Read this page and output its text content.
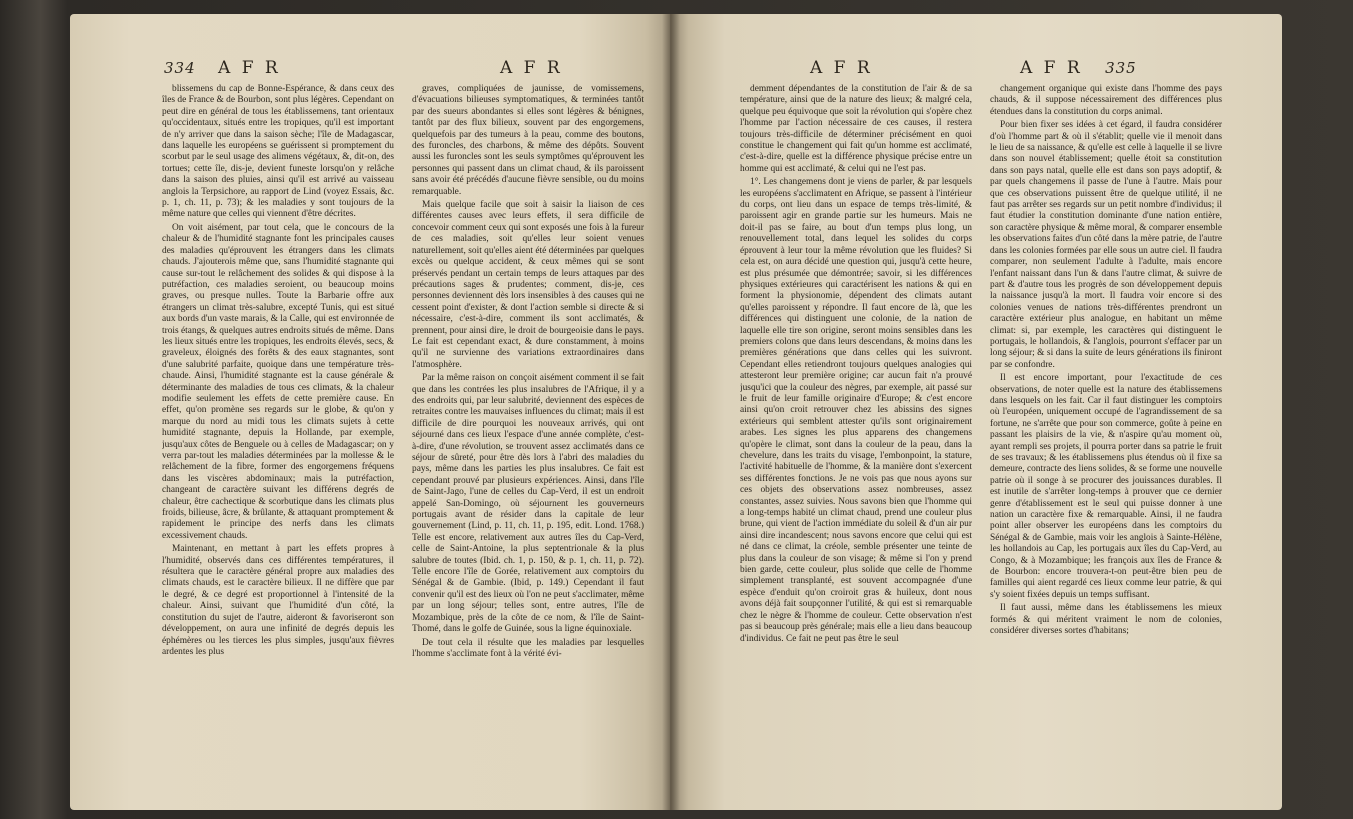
334 A F R	A F R

blissemens du cap de Bonne-Espérance, & dans ceux des îles de France & de Bourbon, sont plus légères. Cependant on peut dire en général de tous les établissemens, tant orientaux qu'occidentaux, situés entre les tropiques, qu'il est important de n'y arriver que dans la saison sèche; l'île de Madagascar, dans laquelle les européens se guérissent si promptement du scorbut par le seul usage des alimens végétaux, &, dit-on, des tortues; cette île, dis-je, devient funeste lorsqu'on y relâche dans la saison des pluies, ainsi qu'il est arrivé au vaisseau anglois la Terpsichore, au rapport de Lind (voyez Essais, &c. p. 1, ch. 11, p. 73); & les maladies y sont toujours de la même nature que celles qui viennent d'être décrites.

On voit aisément, par tout cela, que le concours de la chaleur & de l'humidité stagnante font les principales causes des maladies qu'éprouvent les étrangers dans les climats chauds. J'ajouterois même que, sans l'humidité stagnante qui cause sur-tout le relâchement des solides & qui dispose à la putréfaction, ces maladies seroient, ou beaucoup moins graves, ou presque nulles. Toute la Barbarie offre aux étrangers un climat très-salubre, excepté Tunis, qui est situé aux bords d'un vaste marais, & la Calle, qui est environnée de trois étangs, & quelques autres endroits situés de même. Dans les lieux situés entre les tropiques, les endroits élevés, secs, & graveleux, éloignés des forêts & des eaux stagnantes, sont d'une salubrité parfaite, quoique dans une température très-chaude. Ainsi, l'humidité stagnante est la cause générale & déterminante des maladies de tous ces climats, & la chaleur modifie seulement les effets de cette première cause. En effet, qu'on promène ses regards sur le globe, & qu'on y marque du nord au midi tous les climats sujets à cette humidité stagnante, depuis la Hollande, par exemple, jusqu'aux côtes de Benguele ou à celles de Madagascar; on y verra par-tout les maladies déterminées par la mollesse & le relâchement de la fibre, former des engorgemens fréquens dans les viscères abdominaux; mais la putréfaction, changeant de caractère suivant les différens degrés de chaleur, être cachectique & scorbutique dans les climats plus froids, bilieuse, âcre, & brûlante, & attaquant promptement & rapidement le principe des nerfs dans les climats excessivement chauds.

Maintenant, en mettant à part les effets propres à l'humidité, observés dans ces différentes températures, il résultera que le caractère général propre aux maladies des climats chauds, est le caractère bilieux. Il ne diffère que par le degré, & ce degré est proportionnel à l'intensité de la chaleur. Ainsi, suivant que l'humidité d'un côté, la constitution du sujet de l'autre, aideront & favoriseront son développement, on aura une infinité de degrés depuis les éphémères ou les tierces les plus simples, jusqu'aux fièvres ardentes les plus

graves, compliquées de jaunisse, de vomissemens, d'évacuations bilieuses symptomatiques, & terminées tantôt par des sueurs abondantes si elles sont légères & bénignes, tantôt par des flux bilieux, souvent par des engorgemens, quelquefois par des tumeurs à la peau, comme des boutons, des furoncles, des charbons, & même des dépôts. Souvent aussi les furoncles sont les seuls symptômes qu'éprouvent les personnes qui passent dans un climat chaud, & ils paroissent sans avoir été précédés d'aucune fièvre sensible, ou du moins remarquable.

Mais quelque facile que soit à saisir la liaison de ces différentes causes avec leurs effets, il sera difficile de concevoir comment ceux qui sont exposés une fois à la fureur de ces maladies, soit qu'elles leur soient venues naturellement, soit qu'elles aient été déterminées par quelques excès ou quelque accident, & ceux mêmes qui se sont préservés pendant un certain temps de leurs attaques par des précautions sages & prudentes; comment, dis-je, ces personnes deviennent dès lors insensibles à des causes qui ne cessent point d'exister, & dont l'action semble si directe & si nécessaire, c'est-à-dire, comment ils sont acclimatés, & prennent, pour ainsi dire, le droit de bourgeoisie dans le pays. Le fait est cependant exact, & dure constamment, à moins qu'il ne survienne des variations extraordinaires dans l'atmosphère.

Par la même raison on conçoit aisément comment il se fait que dans les contrées les plus insalubres de l'Afrique, il y a des endroits qui, par leur salubrité, deviennent des espèces de retraites contre les mauvaises influences du climat; mais il est difficile de dire pourquoi les nouveaux arrivés, qui ont séjourné dans ces lieux l'espace d'une année complète, c'est-à-dire, d'une révolution, se trouvent assez acclimatés dans ce séjour de sûreté, pour être dès lors à l'abri des maladies du pays, même dans les parties les plus insalubres. Ce fait est cependant prouvé par plusieurs expériences. Ainsi, dans l'île de Saint-Jago, l'une de celles du Cap-Verd, il est un endroit appelé San-Domingo, où séjournent les gouverneurs portugais avant de résider dans la capitale de leur gouvernement (Lind, p. 11, ch. 11, p. 195, edit. Lond. 1768.) Telle est encore, relativement aux autres îles du Cap-Verd, celle de Saint-Antoine, la plus septentrionale & la plus salubre de toutes (Ibid. ch. 1, p. 150, & p. 1, ch. 11, p. 72). Telle encore l'île de Gorée, relativement aux comptoirs du Sénégal & de Gambie. (Ibid, p. 149.) Cependant il faut convenir qu'il est des lieux où l'on ne peut s'acclimater, même par un long séjour; telles sont, entre autres, l'île de Mozambique, près de la côte de ce nom, & l'île de Saint-Thomé, dans le golfe de Guinée, sous la ligne équinoxiale.

De tout cela il résulte que les maladies par lesquelles l'homme s'acclimate font à la vérité évi-

A F R	A F R 335

demment dépendantes de la constitution de l'air & de sa température, ainsi que de la nature des lieux; & malgré cela, quelque peu équivoque que soit la révolution qui s'opère chez l'homme par l'action nécessaire de ces causes, il restera toujours très-difficile de déterminer précisément en quoi constitue le changement qui fait qu'un homme est acclimaté, c'est-à-dire, quelle est la différence physique précise entre un homme qui est acclimaté, & celui qui ne l'est pas.

1°. Les changemens dont je viens de parler, & par lesquels les européens s'acclimatent en Afrique, se passent à l'intérieur du corps, ont lieu dans un espace de temps très-limité, & paroissent agir en grande partie sur les humeurs. Mais ne doit-il pas se faire, au bout d'un temps plus long, un renouvellement total, dans lequel les solides du corps éprouvent à leur tour la même révolution que les fluides? Si cela est, on aura décidé une question qui, jusqu'à cette heure, est plus présumée que démontrée; savoir, si les différences physiques extérieures qui caractérisent les nations & qui en forment la physionomie, dépendent des climats autant qu'elles paroissent y répondre. Il faut encore de là, que les différences qui distinguent une colonie, de la nation de laquelle elle tire son origine, seront moins sensibles dans les premiers colons que dans leurs descendans, & moins dans les premières générations que dans celles qui les suivront. Cependant elles retiendront toujours quelques analogies qui attesteront leur première origine; car aucun fait n'a prouvé jusqu'ici que la couleur des nègres, par exemple, ait passé sur le fruit de leur famille originaire d'Europe; & c'est encore ainsi qu'on croit retrouver chez les abissins des signes extérieurs qui semblent attester qu'ils sont originairement arabes. Les signes les plus apparens des changemens qu'opère le climat, sont dans la couleur de la peau, dans la chevelure, dans les traits du visage, l'embonpoint, la stature, l'activité habituelle de l'homme, & la manière dont s'exercent ses différentes fonctions. Je ne vois pas que nous ayons sur ces objets des observations assez nombreuses, assez constantes, assez suivies. Nous savons bien que l'homme qui a long-temps habité un climat chaud, prend une couleur plus brune, qui vient de l'action immédiate du soleil & d'un air pur ainsi dire incandescent; nous savons encore que celui qui est né dans ce climat, la créole, semble présenter une teinte de plus dans la couleur de son visage; & même si l'on y prend bien garde, cette couleur, plus solide que celle de l'homme simplement transplanté, est souvent accompagnée d'une espèce d'enduit qu'on croiroit gras & huileux, dont nous avons déjà fait soupçonner l'utilité, & qui est si remarquable chez le nègre & l'homme de couleur. Cette observation n'est pas si beaucoup près générale; mais elle a lieu dans beaucoup d'individus. Ce fait ne peut pas être le seul

changement organique qui existe dans l'homme des pays chauds, & il suppose nécessairement des différences plus étendues dans la constitution du corps animal.

Pour bien fixer ses idées à cet égard, il faudra considérer d'où l'homme part & où il s'établit; quelle vie il menoit dans le lieu de sa naissance, & qu'elle est celle à laquelle il se livre dans son nouvel établissement; quelle étoit sa constitution dans son pays natal, quelle elle est dans son pays adoptif, & par quels changemens il passe de l'une à l'autre. Mais pour que ces observations puissent être de quelque utilité, il ne faut pas arrêter ses regards sur un petit nombre d'individus; il faut étudier la constitution dominante d'une nation entière, son caractère physique & même moral, & comparer ensemble les observations faites d'un côté dans la mère patrie, de l'autre dans les colonies formées par elle sous un autre ciel. Il faudra comparer, non seulement l'adulte à l'adulte, mais encore l'enfant naissant dans l'un & dans l'autre climat, & suivre de part & d'autre tous les progrès de son développement depuis la naissance jusqu'à la mort. Il faudra voir encore si des colonies venues de nations très-différentes prendront un caractère extérieur plus analogue, en habitant un même climat: si, par exemple, les caractères qui distinguent le portugais, le hollandois, & l'anglois, pourront s'effacer par un long séjour; & si dans la suite de leurs générations ils finiront par se confondre.

Il est encore important, pour l'exactitude de ces observations, de noter quelle est la nature des établissemens dans lesquels on les fait. Car il faut distinguer les comptoirs où l'européen, uniquement occupé de l'agrandissement de sa fortune, ne s'arrête que pour son commerce, goûte à peine en passant les plaisirs de la vie, & n'aspire qu'au moment où, ayant rempli ses projets, il pourra porter dans sa patrie le fruit de ses travaux; & les établissemens plus étendus où il fixe sa demeure, contracte des liens solides, & se forme une nouvelle patrie où il songe à se procurer des jouissances durables. Il est inutile de s'arrêter long-temps à prouver que ce dernier genre d'établissement est le seul qui puisse donner à une nation un caractère fixe & remarquable. Ainsi, il ne faudra point aller observer les européens dans les comptoirs du Sénégal & de Gambie, mais voir les anglois à Sainte-Hélène, les hollandois au Cap, les portugais aux îles du Cap-Verd, au Congo, & à Mozambique; les françois aux îles de France & de Bourbon: encore trouvera-t-on peut-être bien peu de familles qui aient regardé ces lieux comme leur patrie, & qui s'y soient fixées depuis un temps suffisant.

Il faut aussi, même dans les établissemens les mieux formés & qui méritent vraiment le nom de colonies, considérer diverses sortes d'habitans;
